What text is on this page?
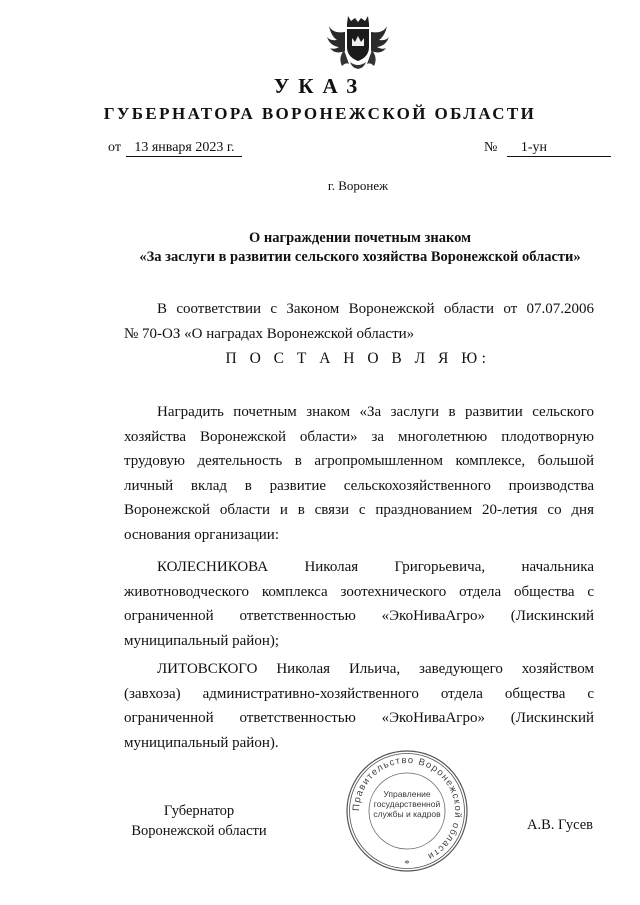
УКАЗ
ГУБЕРНАТОРА ВОРОНЕЖСКОЙ ОБЛАСТИ
от 13 января 2023 г.	№ 1-ун
г. Воронеж
О награждении почетным знаком
«За заслуги в развитии сельского хозяйства Воронежской области»

В соответствии с Законом Воронежской области от 07.07.2006

№ 70-ОЗ «О наградах Воронежской области»

П О С Т А Н О В Л Я Ю:

Наградить почетным знаком «За заслуги в развитии сельского

хозяйства Воронежской области» за многолетнюю плодотворную

трудовую деятельность в агропромышленном комплексе, большой

личный вклад в развитие сельскохозяйственного производства

Воронежской области и в связи с празднованием 20-летия со дня

основания организации:

КОЛЕСНИКОВА Николая Григорьевича, начальника

животноводческого комплекса зоотехнического отдела общества с

ограниченной ответственностью «ЭкоНиваАгро» (Лискинский

муниципальный район);

ЛИТОВСКОГО Николая Ильича, заведующего хозяйством

(завхоза) административно-хозяйственного отдела общества с

ограниченной ответственностью «ЭкоНиваАгро» (Лискинский

муниципальный район).

Губернатор
Воронежской области
Правительство Воронежской области
*
Управление
государственной
службы и кадров
А.В. Гусев
